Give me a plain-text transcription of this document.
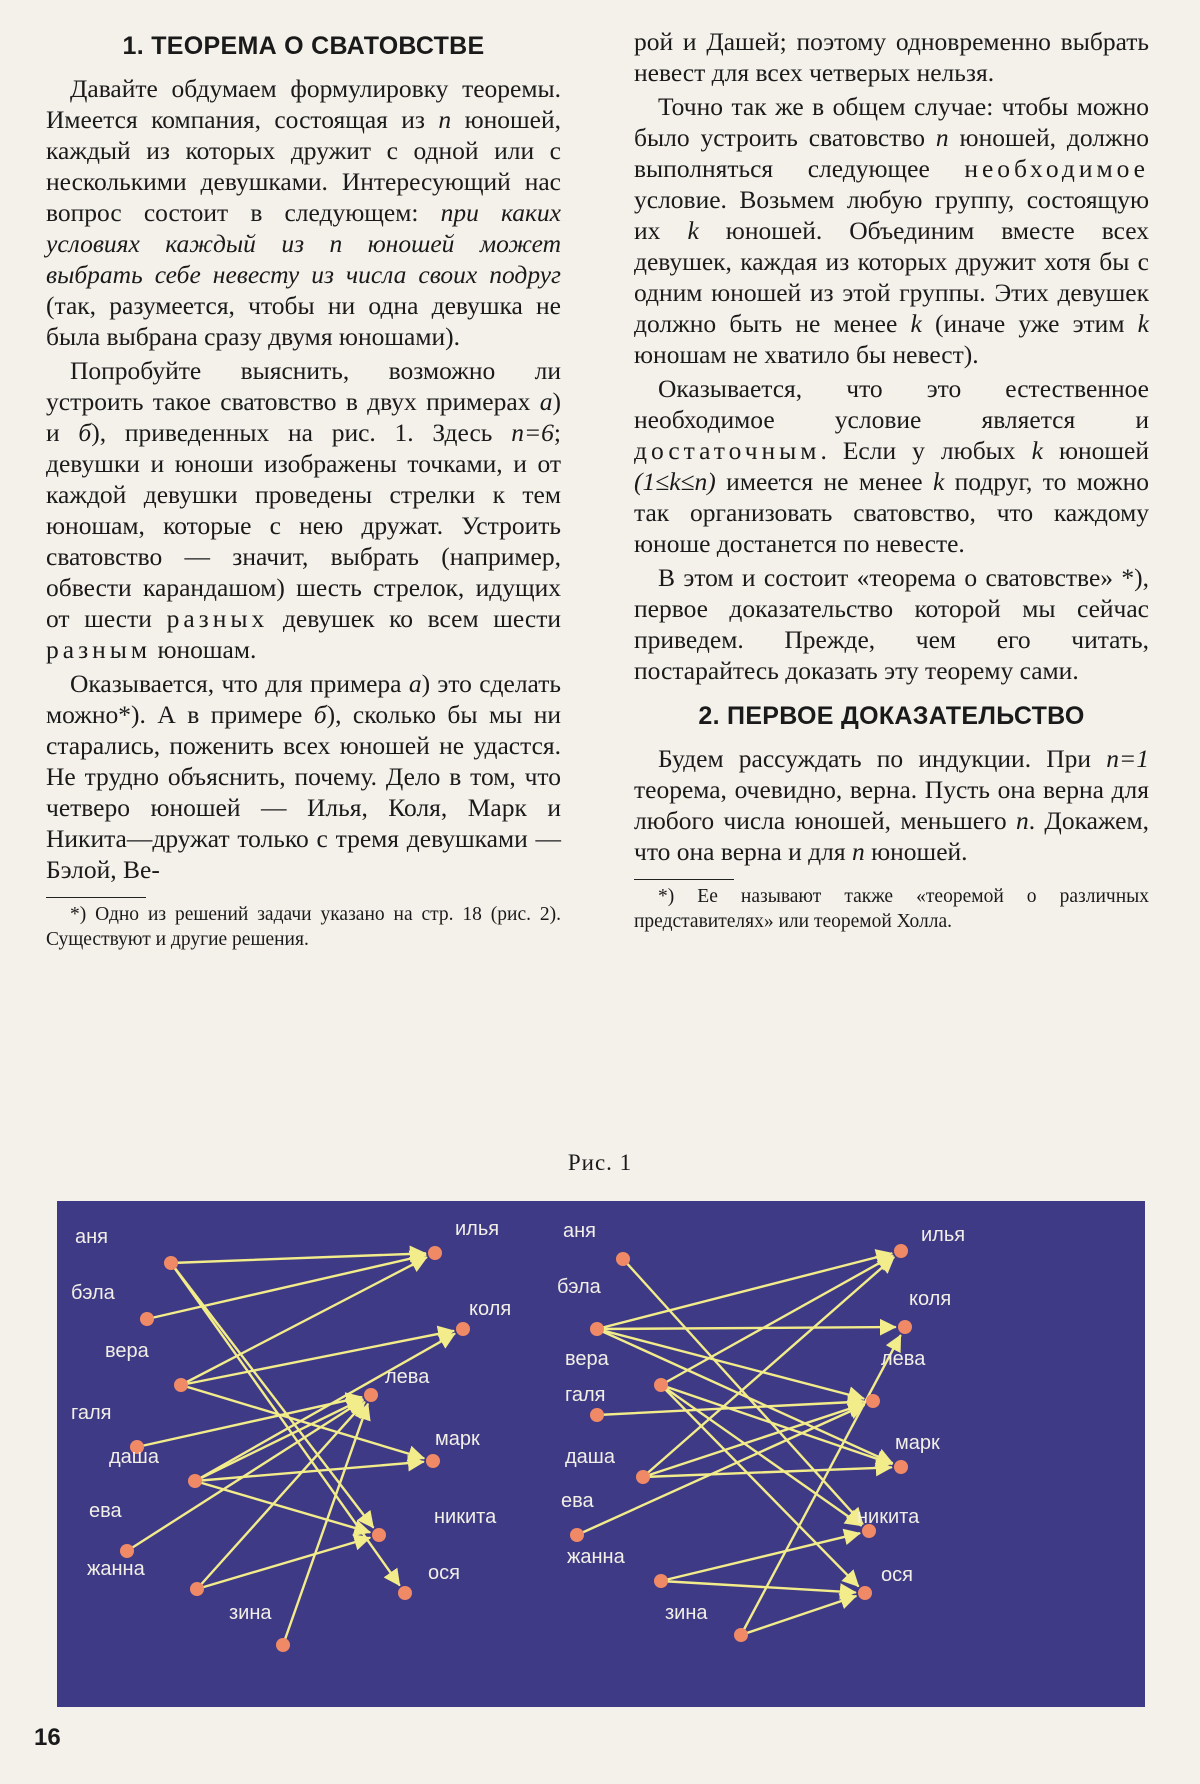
1. ТЕОРЕМА О СВАТОВСТВЕ

Давайте обдумаем формулировку теоремы. Имеется компания, состоящая из n юношей, каждый из которых дружит с одной или с несколькими девушками. Интересующий нас вопрос состоит в следующем: при каких условиях каждый из n юношей может выбрать себе невесту из числа своих подруг (так, разумеется, чтобы ни одна девушка не была выбрана сразу двумя юношами).

Попробуйте выяснить, возможно ли устроить такое сватовство в двух примерах а) и б), приведенных на рис. 1. Здесь n=6; девушки и юноши изображены точками, и от каждой девушки проведены стрелки к тем юношам, которые с нею дружат. Устроить сватовство — значит, выбрать (например, обвести карандашом) шесть стрелок, идущих от шести разных девушек ко всем шести разным юношам.

Оказывается, что для примера а) это сделать можно*). А в примере б), сколько бы мы ни старались, поженить всех юношей не удастся. Не трудно объяснить, почему. Дело в том, что четверо юношей — Илья, Коля, Марк и Никита—дружат только с тремя девушками — Бэлой, Ве-

*) Одно из решений задачи указано на стр. 18 (рис. 2). Существуют и другие решения.

рой и Дашей; поэтому одновременно выбрать невест для всех четверых нельзя.

Точно так же в общем случае: чтобы можно было устроить сватовство n юношей, должно выполняться следующее необходимое условие. Возьмем любую группу, состоящую их k юношей. Объединим вместе всех девушек, каждая из которых дружит хотя бы с одним юношей из этой группы. Этих девушек должно быть не менее k (иначе уже этим k юношам не хватило бы невест).

Оказывается, что это естественное необходимое условие является и достаточным. Если у любых k юношей (1≤k≤n) имеется не менее k подруг, то можно так организовать сватовство, что каждому юноше достанется по невесте.

В этом и состоит «теорема о сватовстве» *), первое доказательство которой мы сейчас приведем. Прежде, чем его читать, постарайтесь доказать эту теорему сами.

2. ПЕРВОЕ ДОКАЗАТЕЛЬСТВО

Будем рассуждать по индукции. При n=1 теорема, очевидно, верна. Пусть она верна для любого числа юношей, меньшего n. Докажем, что она верна и для n юношей.

*) Ее называют также «теоремой о различных представителях» или теоремой Холла.

Рис. 1
аня
бэла
вера
галя
даша
ева
жанна
зина
илья
коля
лева
марк
никита
ося
аня
бэла
вера
галя
даша
ева
жанна
зина
илья
коля
лева
марк
никита
ося
16
